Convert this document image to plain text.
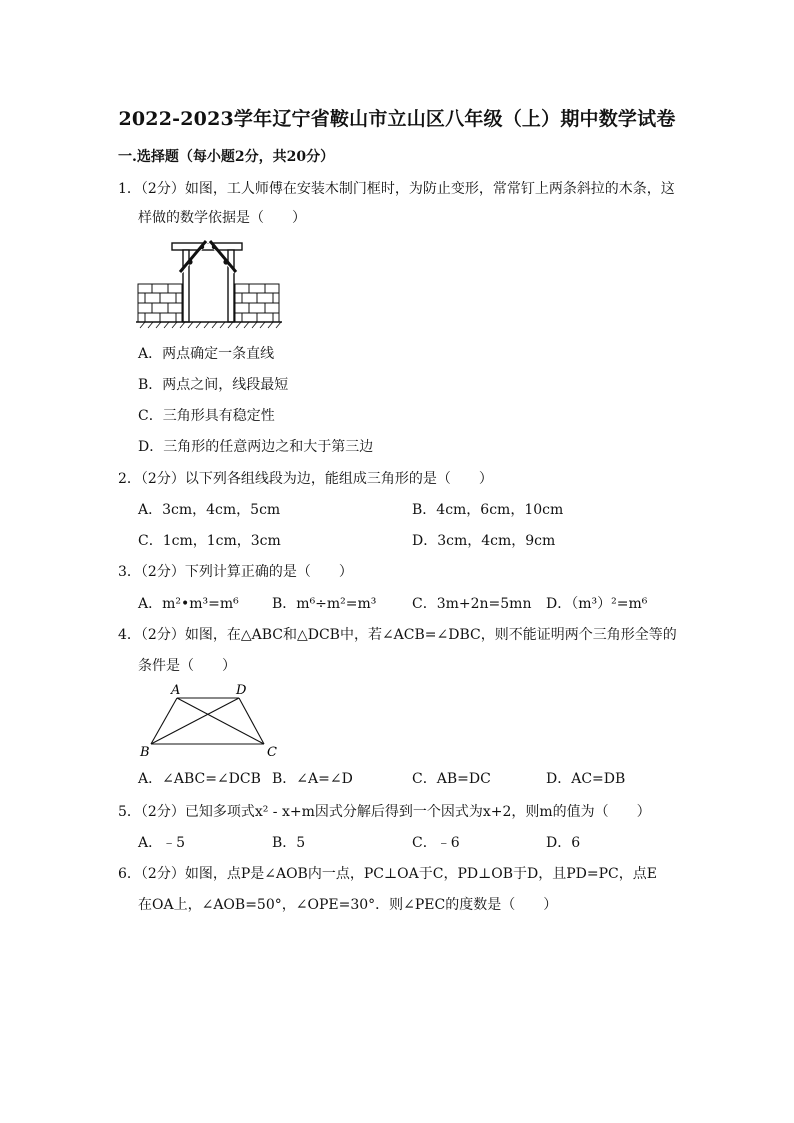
2022-2023学年辽宁省鞍山市立山区八年级（上）期中数学试卷
一.选择题（每小题2分，共20分）
1．（2分）如图，工人师傅在安装木制门框时，为防止变形，常常钉上两条斜拉的木条，这
样做的数学依据是（　　）
A．两点确定一条直线
B．两点之间，线段最短
C．三角形具有稳定性
D．三角形的任意两边之和大于第三边
2．（2分）以下列各组线段为边，能组成三角形的是（　　）
A．3cm，4cm，5cm	B．4cm，6cm，10cm
C．1cm，1cm，3cm	D．3cm，4cm，9cm
3．（2分）下列计算正确的是（　　）
A．m²•m³=m⁶ B．m⁶÷m²=m³	C．3m+2n=5mn D．（m³）²=m⁶
4．（2分）如图，在△ABC和△DCB中，若∠ACB=∠DBC，则不能证明两个三角形全等的
条件是（　　）
A	D
B	C
A．∠ABC=∠DCB B．∠A=∠D	C．AB=DC	D．AC=DB
5．（2分）已知多项式x² - x+m因式分解后得到一个因式为x+2，则m的值为（　　）
A．﹣5	B．5	C．﹣6	D．6
6．（2分）如图，点P是∠AOB内一点，PC⊥OA于C，PD⊥OB于D，且PD=PC，点E
在OA上，∠AOB=50°，∠OPE=30°．则∠PEC的度数是（　　）
